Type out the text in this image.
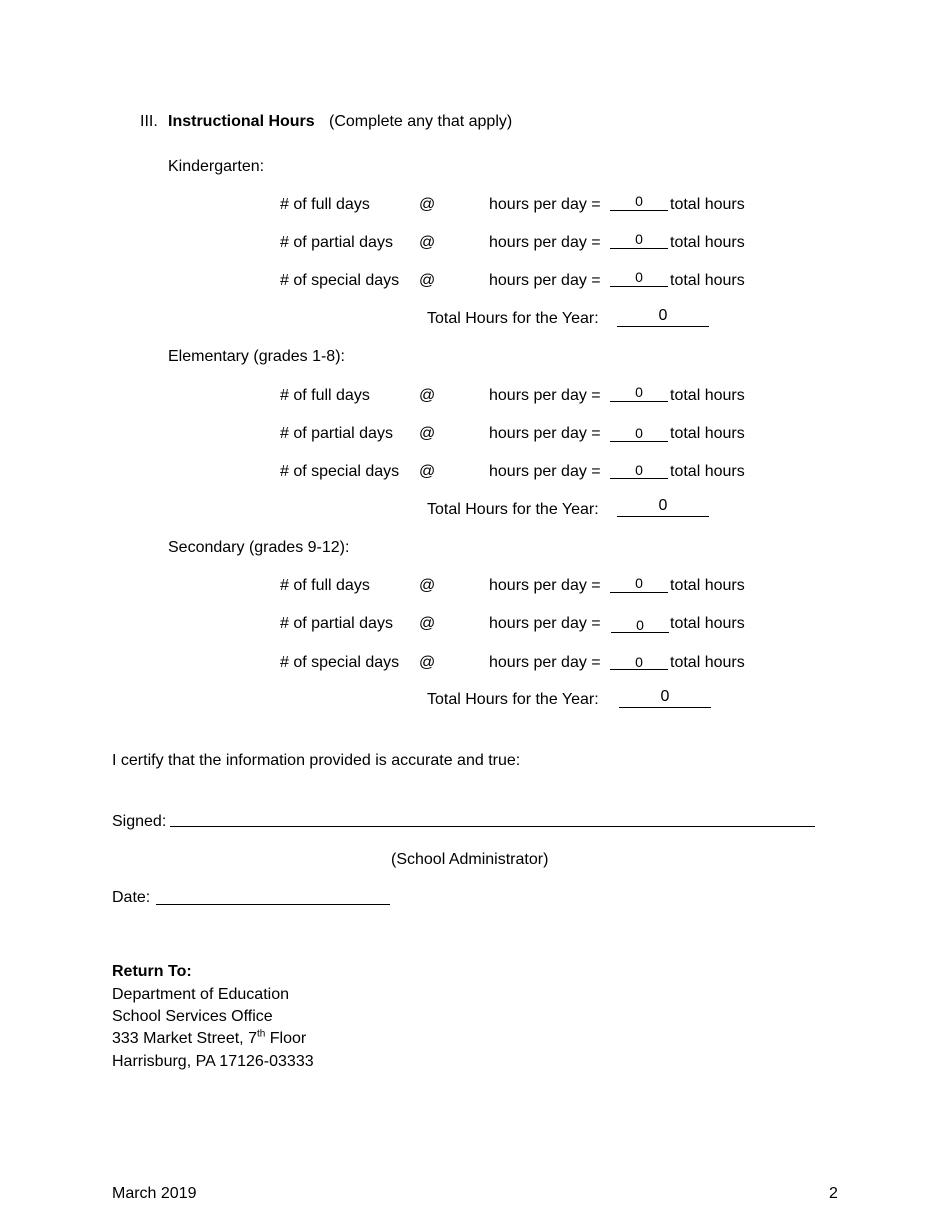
III. Instructional Hours (Complete any that apply)
Kindergarten:
# of full days	@	hours per day =	0	total hours
# of partial days @	hours per day =	0	total hours
# of special days @	hours per day =	0	total hours
Total Hours for the Year:	0
Elementary (grades 1-8):
# of full days	@	hours per day =	0	total hours
# of partial days @	hours per day =	0	total hours
# of special days @	hours per day =	0	total hours
Total Hours for the Year:	0
Secondary (grades 9-12):
# of full days	@	hours per day =	0	total hours
# of partial days @	hours per day =	0	total hours
# of special days @	hours per day =	0	total hours
Total Hours for the Year:	0
I certify that the information provided is accurate and true:
Signed:
(School Administrator)
Date:
Return To:
Department of Education
School Services Office
333 Market Street, 7th Floor
Harrisburg, PA 17126-03333
March 2019	2
